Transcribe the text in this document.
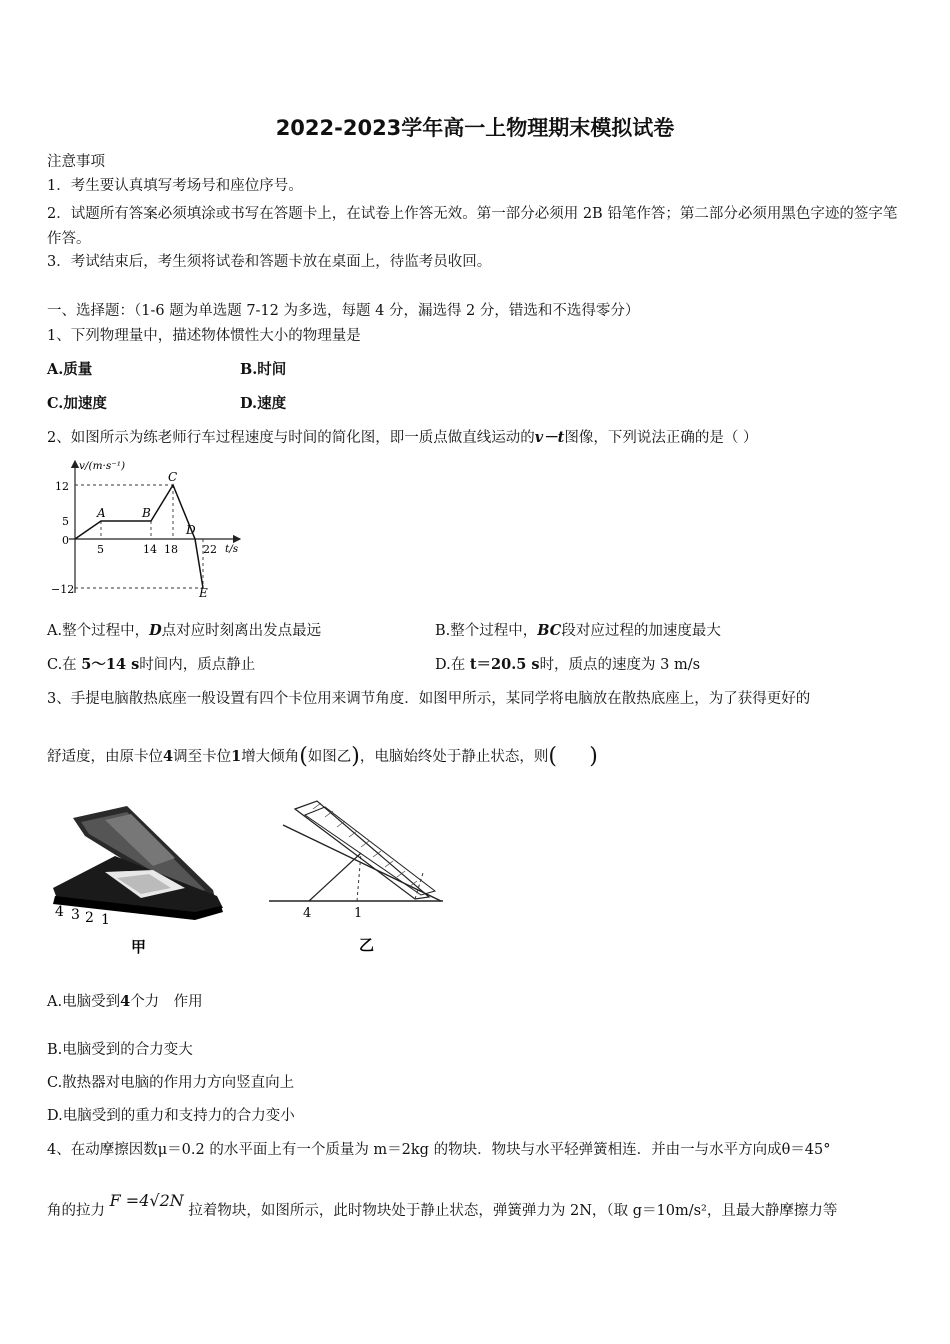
2022-2023学年高一上物理期末模拟试卷
注意事项
1．考生要认真填写考场号和座位序号。
2．试题所有答案必须填涂或书写在答题卡上，在试卷上作答无效。第一部分必须用 2B 铅笔作答；第二部分必须用黑色字迹的签字笔作答。
3．考试结束后，考生须将试卷和答题卡放在桌面上，待监考员收回。
一、选择题：（1-6 题为单选题 7-12 为多选，每题 4 分，漏选得 2 分，错选和不选得零分）
1、下列物理量中，描述物体惯性大小的物理量是
A.质量	B.时间
C.加速度	D.速度
2、如图所示为练老师行车过程速度与时间的简化图，即一质点做直线运动的v－t图像，下列说法正确的是（ ）
v/(m·s⁻¹)
t/s
12
5
0
−12
5	14 18 22
A	B
C
D
E
A.整个过程中，D点对应时刻离出发点最远	B.整个过程中，BC段对应过程的加速度最大
C.在 5～14 s时间内，质点静止	D.在 t＝20.5 s时，质点的速度为 3 m/s
3、手提电脑散热底座一般设置有四个卡位用来调节角度．如图甲所示，某同学将电脑放在散热底座上，为了获得更好的
舒适度，由原卡位4调至卡位1增大倾角(如图乙)，电脑始终处于静止状态，则( )
4 3 2 1
甲
4	1
乙
A.电脑受到4个力　作用
B.电脑受到的合力变大
C.散热器对电脑的作用力方向竖直向上
D.电脑受到的重力和支持力的合力变小
4、在动摩擦因数μ＝0.2 的水平面上有一个质量为 m＝2kg 的物块．物块与水平轻弹簧相连．并由一与水平方向成θ＝45°
角的拉力 F =4√2N 拉着物块，如图所示，此时物块处于静止状态，弹簧弹力为 2N，（取 g＝10m/s²，且最大静摩擦力等
